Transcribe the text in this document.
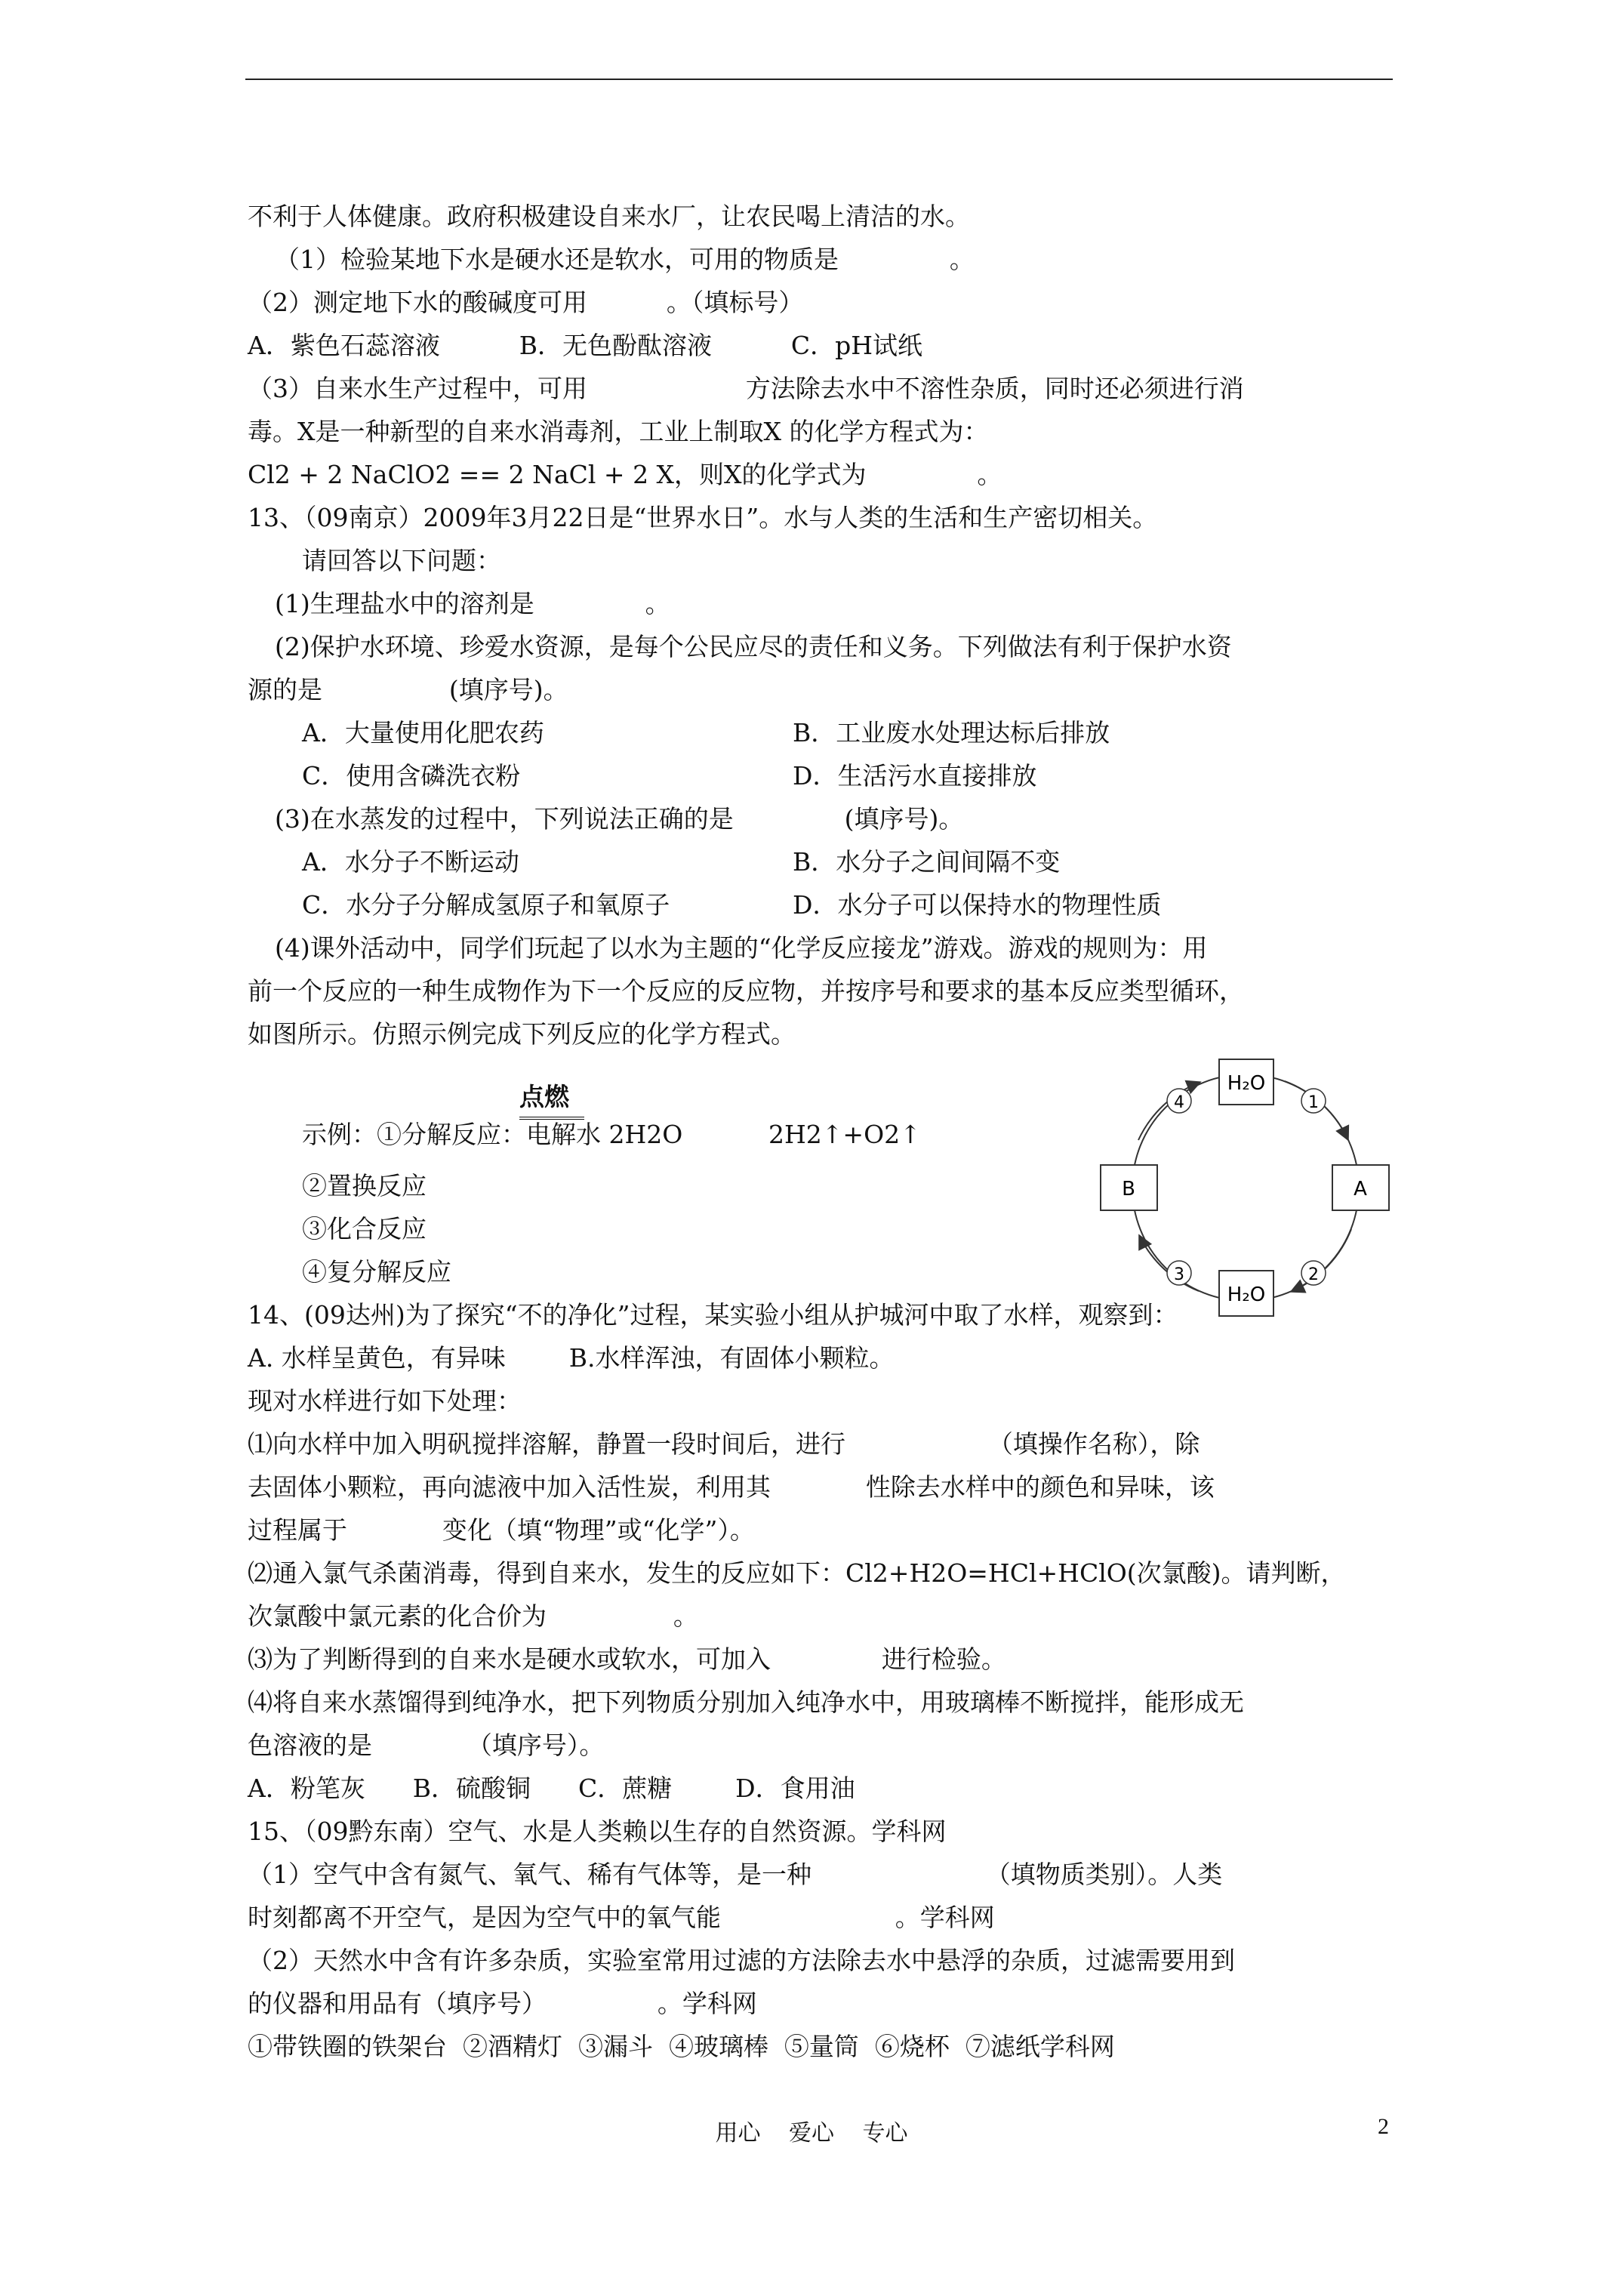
不利于人体健康。政府积极建设自来水厂，让农民喝上清洁的水。
（1）检验某地下水是硬水还是软水，可用的物质是              。
（2）测定地下水的酸碱度可用          。（填标号）
A．紫色石蕊溶液          B．无色酚酞溶液          C．pH试纸
（3）自来水生产过程中，可用                    方法除去水中不溶性杂质，同时还必须进行消
毒。X是一种新型的自来水消毒剂，工业上制取X 的化学方程式为：
Cl2 + 2 NaClO2 == 2 NaCl + 2 X，则X的化学式为              。
13、（09南京）2009年3月22日是“世界水日”。水与人类的生活和生产密切相关。
请回答以下问题：
(1)生理盐水中的溶剂是              。
(2)保护水环境、珍爱水资源，是每个公民应尽的责任和义务。下列做法有利于保护水资
源的是                (填序号)。
A．大量使用化肥农药	B．工业废水处理达标后排放
C．使用含磷洗衣粉	D．生活污水直接排放
(3)在水蒸发的过程中，下列说法正确的是              (填序号)。
A．水分子不断运动	B．水分子之间间隔不变
C．水分子分解成氢原子和氧原子	D．水分子可以保持水的物理性质
(4)课外活动中，同学们玩起了以水为主题的“化学反应接龙”游戏。游戏的规则为：用
前一个反应的一种生成物作为下一个反应的反应物，并按序号和要求的基本反应类型循环，
如图所示。仿照示例完成下列反应的化学方程式。
点燃
示例：①分解反应：电解水 2H2O	2H2↑+O2↑
②置换反应
③化合反应
④复分解反应
14、(09达州)为了探究“不的净化”过程，某实验小组从护城河中取了水样，观察到：
A. 水样呈黄色，有异味        B.水样浑浊，有固体小颗粒。
现对水样进行如下处理：
⑴向水样中加入明矾搅拌溶解，静置一段时间后，进行                  （填操作名称），除
去固体小颗粒，再向滤液中加入活性炭，利用其            性除去水样中的颜色和异味，该
过程属于            变化（填“物理”或“化学”）。
⑵通入氯气杀菌消毒，得到自来水，发生的反应如下：Cl2+H2O=HCl+HClO(次氯酸)。请判断，
次氯酸中氯元素的化合价为                。
⑶为了判断得到的自来水是硬水或软水，可加入              进行检验。
⑷将自来水蒸馏得到纯净水，把下列物质分别加入纯净水中，用玻璃棒不断搅拌，能形成无
色溶液的是            （填序号）。
A．粉笔灰      B．硫酸铜      C．蔗糖        D．食用油
15、（09黔东南）空气、水是人类赖以生存的自然资源。学科网
（1）空气中含有氮气、氧气、稀有气体等，是一种                      （填物质类别）。人类
时刻都离不开空气，是因为空气中的氧气能                      。学科网
（2）天然水中含有许多杂质，实验室常用过滤的方法除去水中悬浮的杂质，过滤需要用到
的仪器和用品有（填序号）              。学科网
①带铁圈的铁架台  ②酒精灯  ③漏斗  ④玻璃棒  ⑤量筒  ⑥烧杯  ⑦滤纸学科网
H₂O
A
H₂O
B
1
2
3
4
用心 爱心 专心	2
